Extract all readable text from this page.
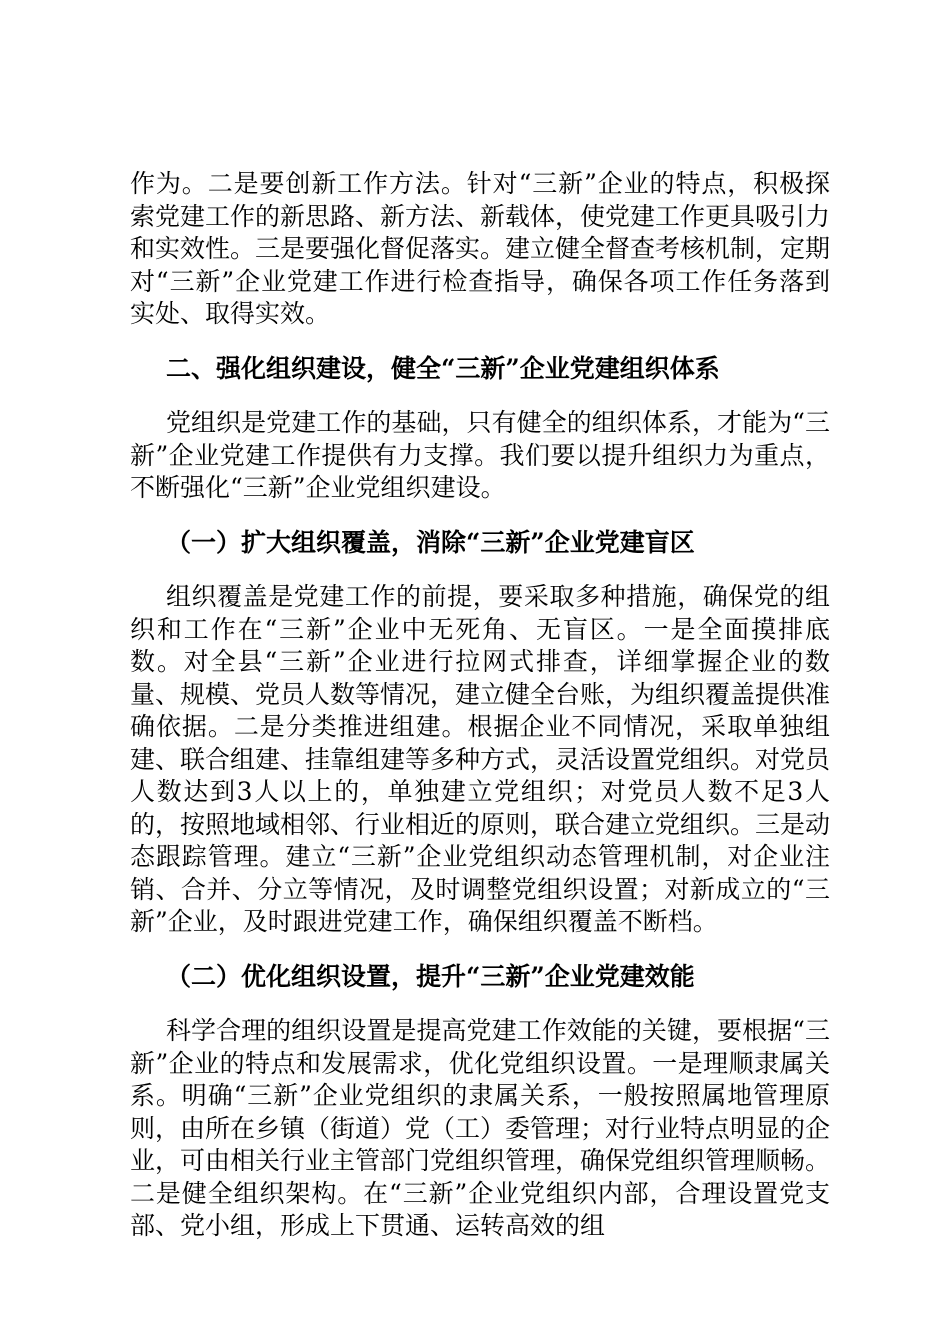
作为。二是要创新工作方法。针对“三新”企业的特点，积极探索党建工作的新思路、新方法、新载体，使党建工作更具吸引力和实效性。三是要强化督促落实。建立健全督查考核机制，定期对“三新”企业党建工作进行检查指导，确保各项工作任务落到实处、取得实效。

二、强化组织建设，健全“三新”企业党建组织体系

党组织是党建工作的基础，只有健全的组织体系，才能为“三新”企业党建工作提供有力支撑。我们要以提升组织力为重点，不断强化“三新”企业党组织建设。

（一）扩大组织覆盖，消除“三新”企业党建盲区

组织覆盖是党建工作的前提，要采取多种措施，确保党的组织和工作在“三新”企业中无死角、无盲区。一是全面摸排底数。对全县“三新”企业进行拉网式排查，详细掌握企业的数量、规模、党员人数等情况，建立健全台账，为组织覆盖提供准确依据。二是分类推进组建。根据企业不同情况，采取单独组建、联合组建、挂靠组建等多种方式，灵活设置党组织。对党员人数达到3人以上的，单独建立党组织；对党员人数不足3人的，按照地域相邻、行业相近的原则，联合建立党组织。三是动态跟踪管理。建立“三新”企业党组织动态管理机制，对企业注销、合并、分立等情况，及时调整党组织设置；对新成立的“三新”企业，及时跟进党建工作，确保组织覆盖不断档。

（二）优化组织设置，提升“三新”企业党建效能

科学合理的组织设置是提高党建工作效能的关键，要根据“三新”企业的特点和发展需求，优化党组织设置。一是理顺隶属关系。明确“三新”企业党组织的隶属关系，一般按照属地管理原则，由所在乡镇（街道）党（工）委管理；对行业特点明显的企业，可由相关行业主管部门党组织管理，确保党组织管理顺畅。二是健全组织架构。在“三新”企业党组织内部，合理设置党支部、党小组，形成上下贯通、运转高效的组
